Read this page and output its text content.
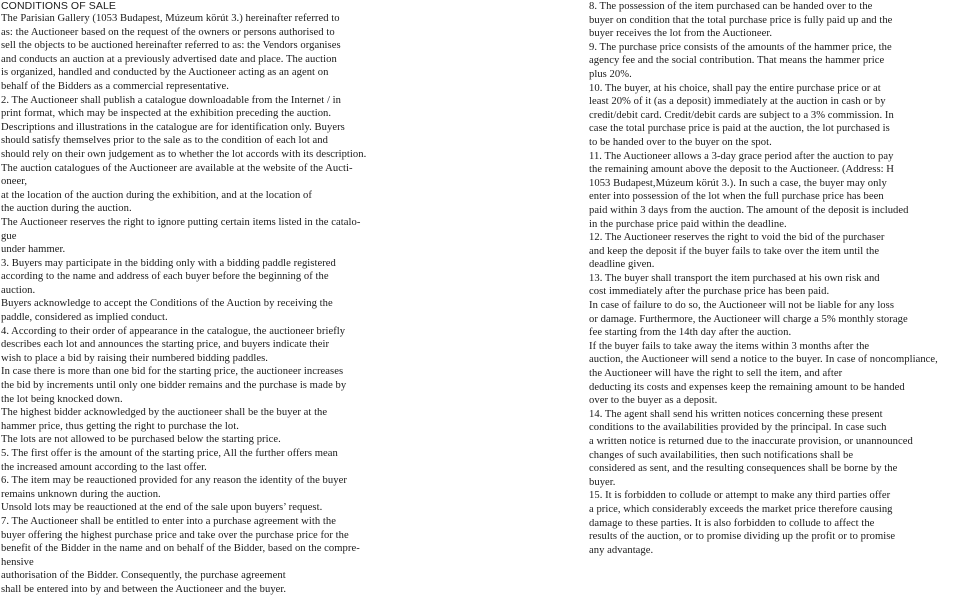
CONDITIONS OF SALE
The Parisian Gallery (1053 Budapest, Múzeum körút 3.) hereinafter referred to
as: the Auctioneer based on the request of the owners or persons authorised to
sell the objects to be auctioned hereinafter referred to as: the Vendors organises
and conducts an auction at a previously advertised date and place. The auction
is organized, handled and conducted by the Auctioneer acting as an agent on
behalf of the Bidders as a commercial representative.
2. The Auctioneer shall publish a catalogue downloadable from the Internet / in
print format, which may be inspected at the exhibition preceding the auction.
Descriptions and illustrations in the catalogue are for identification only. Buyers
should satisfy themselves prior to the sale as to the condition of each lot and
should rely on their own judgement as to whether the lot accords with its description.
The auction catalogues of the Auctioneer are available at the website of the Aucti-
oneer,
at the location of the auction during the exhibition, and at the location of
the auction during the auction.
The Auctioneer reserves the right to ignore putting certain items listed in the catalo-
gue
under hammer.
3. Buyers may participate in the bidding only with a bidding paddle registered
according to the name and address of each buyer before the beginning of the
auction.
Buyers acknowledge to accept the Conditions of the Auction by receiving the
paddle, considered as implied conduct.
4. According to their order of appearance in the catalogue, the auctioneer briefly
describes each lot and announces the starting price, and buyers indicate their
wish to place a bid by raising their numbered bidding paddles.
In case there is more than one bid for the starting price, the auctioneer increases
the bid by increments until only one bidder remains and the purchase is made by
the lot being knocked down.
The highest bidder acknowledged by the auctioneer shall be the buyer at the
hammer price, thus getting the right to purchase the lot.
The lots are not allowed to be purchased below the starting price.
5. The first offer is the amount of the starting price, All the further offers mean
the increased amount according to the last offer.
6. The item may be reauctioned provided for any reason the identity of the buyer
remains unknown during the auction.
Unsold lots may be reauctioned at the end of the sale upon buyers’ request.
7. The Auctioneer shall be entitled to enter into a purchase agreement with the
buyer offering the highest purchase price and take over the purchase price for the
benefit of the Bidder in the name and on behalf of the Bidder, based on the compre-
hensive
authorisation of the Bidder. Consequently, the purchase agreement
shall be entered into by and between the Auctioneer and the buyer.
8. The possession of the item purchased can be handed over to the
buyer on condition that the total purchase price is fully paid up and the
buyer receives the lot from the Auctioneer.
9. The purchase price consists of the amounts of the hammer price, the
agency fee and the social contribution. That means the hammer price
plus 20%.
10. The buyer, at his choice, shall pay the entire purchase price or at
least 20% of it (as a deposit) immediately at the auction in cash or by
credit/debit card. Credit/debit cards are subject to a 3% commission. In
case the total purchase price is paid at the auction, the lot purchased is
to be handed over to the buyer on the spot.
11. The Auctioneer allows a 3-day grace period after the auction to pay
the remaining amount above the deposit to the Auctioneer. (Address: H
1053 Budapest,Múzeum körút 3.). In such a case, the buyer may only
enter into possession of the lot when the full purchase price has been
paid within 3 days from the auction. The amount of the deposit is included
in the purchase price paid within the deadline.
12. The Auctioneer reserves the right to void the bid of the purchaser
and keep the deposit if the buyer fails to take over the item until the
deadline given.
13. The buyer shall transport the item purchased at his own risk and
cost immediately after the purchase price has been paid.
In case of failure to do so, the Auctioneer will not be liable for any loss
or damage. Furthermore, the Auctioneer will charge a 5% monthly storage
fee starting from the 14th day after the auction.
If the buyer fails to take away the items within 3 months after the
auction, the Auctioneer will send a notice to the buyer. In case of noncompliance,
the Auctioneer will have the right to sell the item, and after
deducting its costs and expenses keep the remaining amount to be handed
over to the buyer as a deposit.
14. The agent shall send his written notices concerning these present
conditions to the availabilities provided by the principal. In case such
a written notice is returned due to the inaccurate provision, or unannounced
changes of such availabilities, then such notifications shall be
considered as sent, and the resulting consequences shall be borne by the
buyer.
15. It is forbidden to collude or attempt to make any third parties offer
a price, which considerably exceeds the market price therefore causing
damage to these parties. It is also forbidden to collude to affect the
results of the auction, or to promise dividing up the profit or to promise
any advantage.
